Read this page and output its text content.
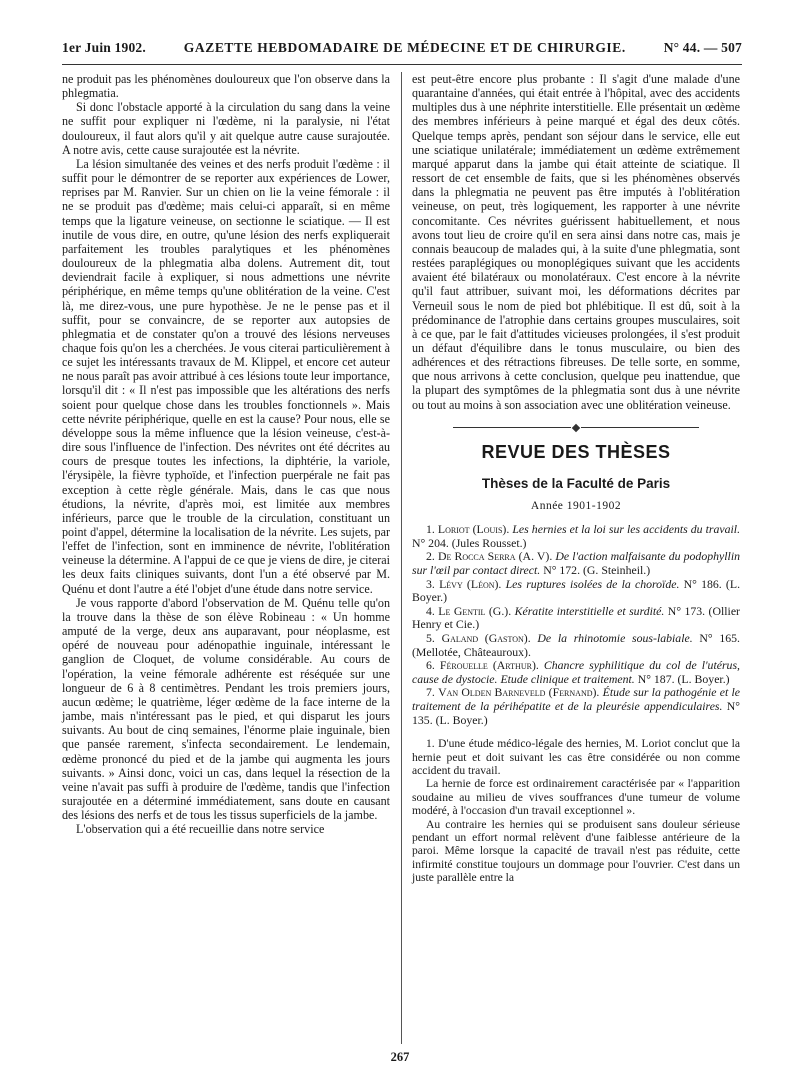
1er Juin 1902.	GAZETTE HEBDOMADAIRE DE MÉDECINE ET DE CHIRURGIE.	N° 44. — 507

ne produit pas les phénomènes douloureux que l'on observe dans la phlegmatia.

Si donc l'obstacle apporté à la circulation du sang dans la veine ne suffit pour expliquer ni l'œdème, ni la paralysie, ni l'état douloureux, il faut alors qu'il y ait quelque autre cause surajoutée. A notre avis, cette cause surajoutée est la névrite.

La lésion simultanée des veines et des nerfs produit l'œdème : il suffit pour le démontrer de se reporter aux expériences de Lower, reprises par M. Ranvier. Sur un chien on lie la veine fémorale : il ne se produit pas d'œdème; mais celui-ci apparaît, si en même temps que la ligature veineuse, on sectionne le sciatique. — Il est inutile de vous dire, en outre, qu'une lésion des nerfs expliquerait parfaitement les troubles paralytiques et les phénomènes douloureux de la phlegmatia alba dolens. Autrement dit, tout deviendrait facile à expliquer, si nous admettions une névrite périphérique, en même temps qu'une oblitération de la veine. C'est là, me direz-vous, une pure hypothèse. Je ne le pense pas et il suffit, pour se convaincre, de se reporter aux autopsies de phlegmatia et de constater qu'on a trouvé des lésions nerveuses chaque fois qu'on les a cherchées. Je vous citerai particulièrement à ce sujet les intéressants travaux de M. Klippel, et encore cet auteur ne nous paraît pas avoir attribué à ces lésions toute leur importance, lorsqu'il dit : « Il n'est pas impossible que les altérations des nerfs soient pour quelque chose dans les troubles fonctionnels ». Mais cette névrite périphérique, quelle en est la cause? Pour nous, elle se développe sous la même influence que la lésion veineuse, c'est-à-dire sous l'influence de l'infection. Des névrites ont été décrites au cours de presque toutes les infections, la diphtérie, la variole, l'érysipèle, la fièvre typhoïde, et l'infection puerpérale ne fait pas exception à cette règle générale. Mais, dans le cas que nous étudions, la névrite, d'après moi, est limitée aux membres inférieurs, parce que le trouble de la circulation, constituant un point d'appel, détermine la localisation de la névrite. Les sujets, par l'effet de l'infection, sont en imminence de névrite, l'oblitération veineuse la détermine. A l'appui de ce que je viens de dire, je citerai les deux faits cliniques suivants, dont l'un a été observé par M. Quénu et dont l'autre a été l'objet d'une étude dans notre service.

Je vous rapporte d'abord l'observation de M. Quénu telle qu'on la trouve dans la thèse de son élève Robineau : « Un homme amputé de la verge, deux ans auparavant, pour néoplasme, est opéré de nouveau pour adénopathie inguinale, intéressant le ganglion de Cloquet, de volume considérable. Au cours de l'opération, la veine fémorale adhérente est réséquée sur une longueur de 6 à 8 centimètres. Pendant les trois premiers jours, aucun œdème; le quatrième, léger œdème de la face interne de la jambe, mais n'intéressant pas le pied, et qui disparut les jours suivants. Au bout de cinq semaines, l'énorme plaie inguinale, bien que pansée rarement, s'infecta secondairement. Le lendemain, œdème prononcé du pied et de la jambe qui augmenta les jours suivants. » Ainsi donc, voici un cas, dans lequel la résection de la veine n'avait pas suffi à produire de l'œdème, tandis que l'infection surajoutée en a déterminé immédiatement, sans doute en causant des lésions des nerfs et de tous les tissus superficiels de la jambe.

L'observation qui a été recueillie dans notre service

est peut-être encore plus probante : Il s'agit d'une malade d'une quarantaine d'années, qui était entrée à l'hôpital, avec des accidents multiples dus à une néphrite interstitielle. Elle présentait un œdème des membres inférieurs à peine marqué et égal des deux côtés. Quelque temps après, pendant son séjour dans le service, elle eut une sciatique unilatérale; immédiatement un œdème extrêmement marqué apparut dans la jambe qui était atteinte de sciatique. Il ressort de cet ensemble de faits, que si les phénomènes observés dans la phlegmatia ne peuvent pas être imputés à l'oblitération veineuse, on peut, très logiquement, les rapporter à une névrite concomitante. Ces névrites guérissent habituellement, et nous avons tout lieu de croire qu'il en sera ainsi dans notre cas, mais je connais beaucoup de malades qui, à la suite d'une phlegmatia, sont restées paraplégiques ou monoplégiques suivant que les accidents avaient été bilatéraux ou monolatéraux. C'est encore à la névrite qu'il faut attribuer, suivant moi, les déformations décrites par Verneuil sous le nom de pied bot phlébitique. Il est dû, soit à la prédominance de l'atrophie dans certains groupes musculaires, soit à ce que, par le fait d'attitudes vicieuses prolongées, il s'est produit un défaut d'équilibre dans le tonus musculaire, ou bien des adhérences et des rétractions fibreuses. De telle sorte, en somme, que nous arrivons à cette conclusion, quelque peu inattendue, que la plupart des symptômes de la phlegmatia sont dus à une névrite ou tout au moins à son association avec une oblitération veineuse.

REVUE DES THÈSES
Thèses de la Faculté de Paris
Année 1901-1902

1. Loriot (Louis). Les hernies et la loi sur les accidents du travail. N° 204. (Jules Rousset.)

2. De Rocca Serra (A. V). De l'action malfaisante du podophyllin sur l'œil par contact direct. N° 172. (G. Steinheil.)

3. Lévy (Léon). Les ruptures isolées de la choroïde. N° 186. (L. Boyer.)

4. Le Gentil (G.). Kératite interstitielle et surdité. N° 173. (Ollier Henry et Cie.)

5. Galand (Gaston). De la rhinotomie sous-labiale. N° 165. (Mellotée, Châteauroux).

6. Férouelle (Arthur). Chancre syphilitique du col de l'utérus, cause de dystocie. Etude clinique et traitement. N° 187. (L. Boyer.)

7. Van Olden Barneveld (Fernand). Étude sur la pathogénie et le traitement de la périhépatite et de la pleurésie appendiculaires. N° 135. (L. Boyer.)

1. D'une étude médico-légale des hernies, M. Loriot conclut que la hernie peut et doit suivant les cas être considérée ou non comme accident du travail.

La hernie de force est ordinairement caractérisée par « l'apparition soudaine au milieu de vives souffrances d'une tumeur de volume modéré, à l'occasion d'un travail exceptionnel ».

Au contraire les hernies qui se produisent sans douleur sérieuse pendant un effort normal relèvent d'une faiblesse antérieure de la paroi. Même lorsque la capacité de travail n'est pas réduite, cette infirmité constitue toujours un dommage pour l'ouvrier. C'est dans un juste parallèle entre la

267
